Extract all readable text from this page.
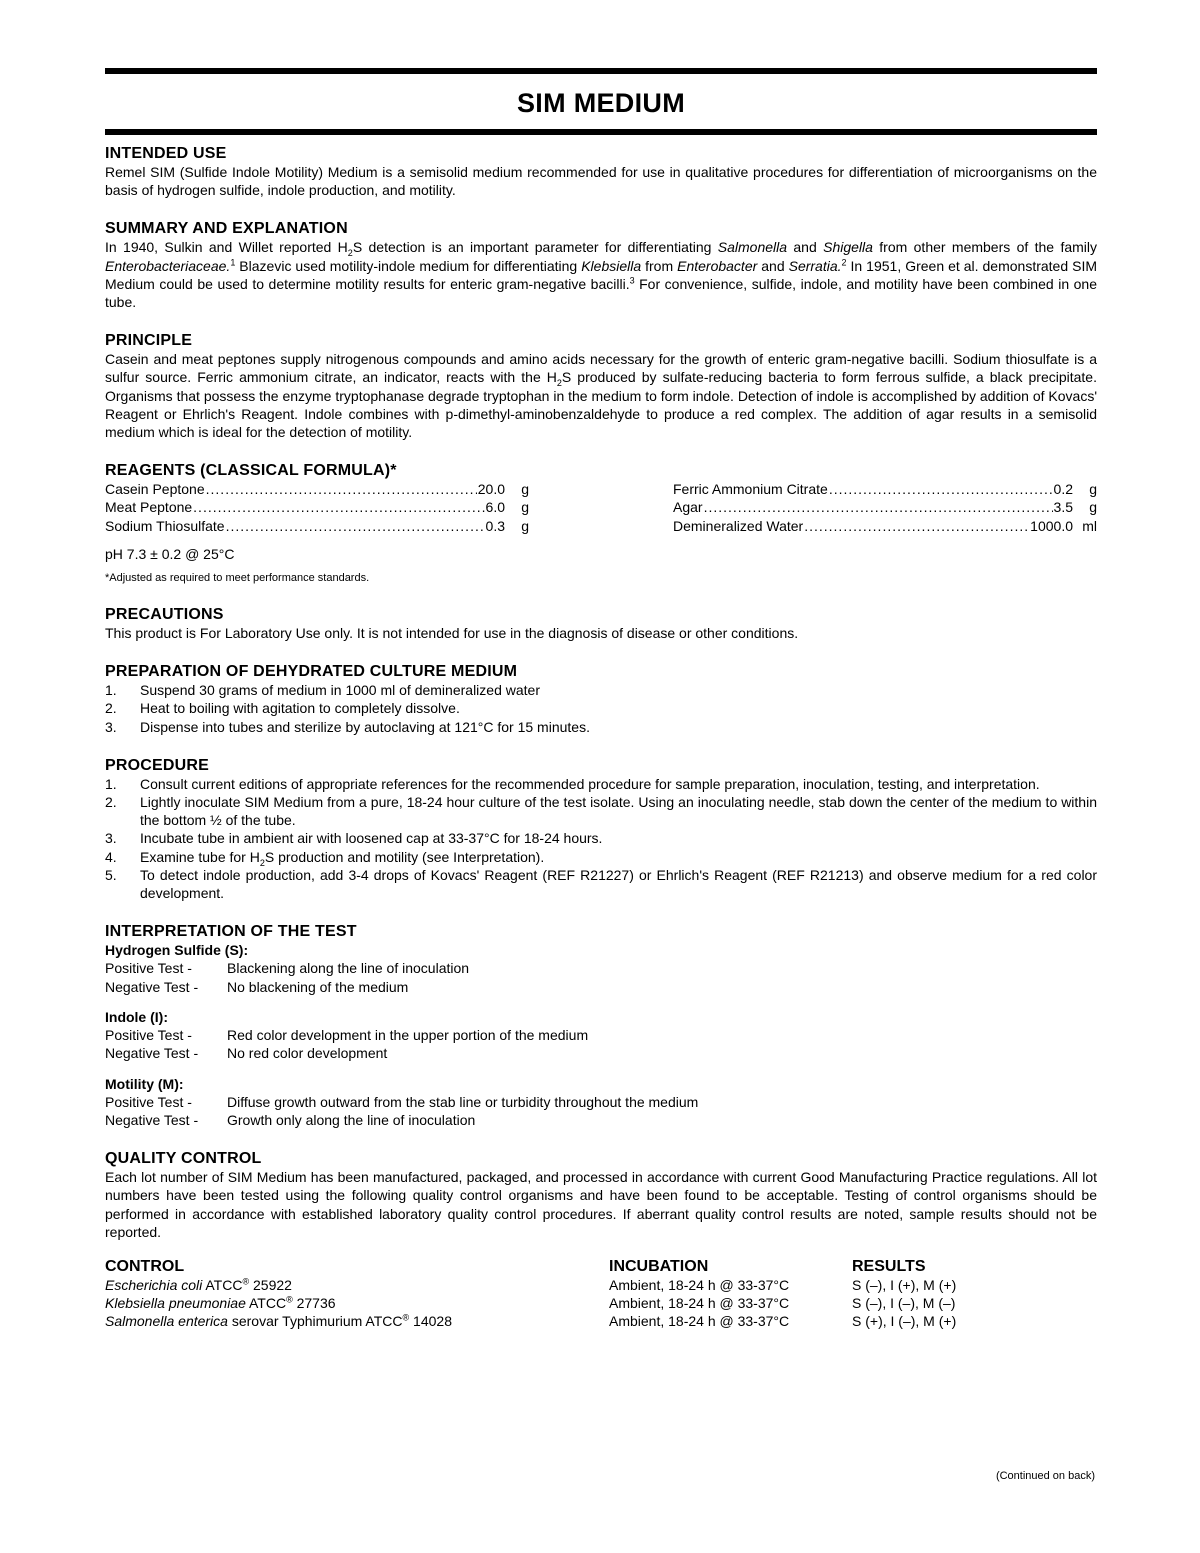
SIM MEDIUM
INTENDED USE

Remel SIM (Sulfide Indole Motility) Medium is a semisolid medium recommended for use in qualitative procedures for differentiation of microorganisms on the basis of hydrogen sulfide, indole production, and motility.

SUMMARY AND EXPLANATION

In 1940, Sulkin and Willet reported $H_2S$ detection is an important parameter for differentiating Salmonella and Shigella from other members of the family Enterobacteriaceae.$^1$ Blazevic used motility-indole medium for differentiating Klebsiella from Enterobacter and Serratia.$^2$ In 1951, Green et al. demonstrated SIM Medium could be used to determine motility results for enteric gram-negative bacilli.$^3$ For convenience, sulfide, indole, and motility have been combined in one tube.

PRINCIPLE

Casein and meat peptones supply nitrogenous compounds and amino acids necessary for the growth of enteric gram-negative bacilli. Sodium thiosulfate is a sulfur source. Ferric ammonium citrate, an indicator, reacts with the $H_2S$ produced by sulfate-reducing bacteria to form ferrous sulfide, a black precipitate. Organisms that possess the enzyme tryptophanase degrade tryptophan in the medium to form indole. Detection of indole is accomplished by addition of Kovacs' Reagent or Ehrlich's Reagent. Indole combines with p-dimethyl-aminobenzaldehyde to produce a red complex. The addition of agar results in a semisolid medium which is ideal for the detection of motility.

REAGENTS (CLASSICAL FORMULA)*
Casein Peptone .....	20.0	g
Meat Peptone .....	6.0	g
Sodium Thiosulfate .....	0.3	g
Ferric Ammonium Citrate .....	0.2	g
Agar .....	3.5	g
Demineralized Water .....	1000.0 ml
pH 7.3 ± 0.2 @ 25°C
*Adjusted as required to meet performance standards.
PRECAUTIONS

This product is For Laboratory Use only. It is not intended for use in the diagnosis of disease or other conditions.

PREPARATION OF DEHYDRATED CULTURE MEDIUM
1.	Suspend 30 grams of medium in 1000 ml of demineralized water
2.	Heat to boiling with agitation to completely dissolve.
3.	Dispense into tubes and sterilize by autoclaving at 121°C for 15 minutes.
PROCEDURE
1.	Consult current editions of appropriate references for the recommended procedure for sample preparation, inoculation, testing, and interpretation.
2.	Lightly inoculate SIM Medium from a pure, 18-24 hour culture of the test isolate. Using an inoculating needle, stab down the center of the medium to within the bottom ½ of the tube.
3.	Incubate tube in ambient air with loosened cap at 33-37°C for 18-24 hours.
4.	Examine tube for $H_2S$ production and motility (see Interpretation).
5.	To detect indole production, add 3-4 drops of Kovacs' Reagent (REF R21227) or Ehrlich's Reagent (REF R21213) and observe medium for a red color development.
INTERPRETATION OF THE TEST
Hydrogen Sulfide (S):
Positive Test -	Blackening along the line of inoculation
Negative Test -	No blackening of the medium
Indole (I):
Positive Test -	Red color development in the upper portion of the medium
Negative Test -	No red color development
Motility (M):
Positive Test -	Diffuse growth outward from the stab line or turbidity throughout the medium
Negative Test -	Growth only along the line of inoculation
QUALITY CONTROL

Each lot number of SIM Medium has been manufactured, packaged, and processed in accordance with current Good Manufacturing Practice regulations. All lot numbers have been tested using the following quality control organisms and have been found to be acceptable. Testing of control organisms should be performed in accordance with established laboratory quality control procedures. If aberrant quality control results are noted, sample results should not be reported.

CONTROL	INCUBATION	RESULTS
Escherichia coli ATCC® 25922	Ambient, 18-24 h @ 33-37°C	S (–), I (+), M (+)
Klebsiella pneumoniae ATCC® 27736	Ambient, 18-24 h @ 33-37°C	S (–), I (–), M (–)
Salmonella enterica serovar Typhimurium ATCC® 14028	Ambient, 18-24 h @ 33-37°C	S (+), I (–), M (+)
(Continued on back)
